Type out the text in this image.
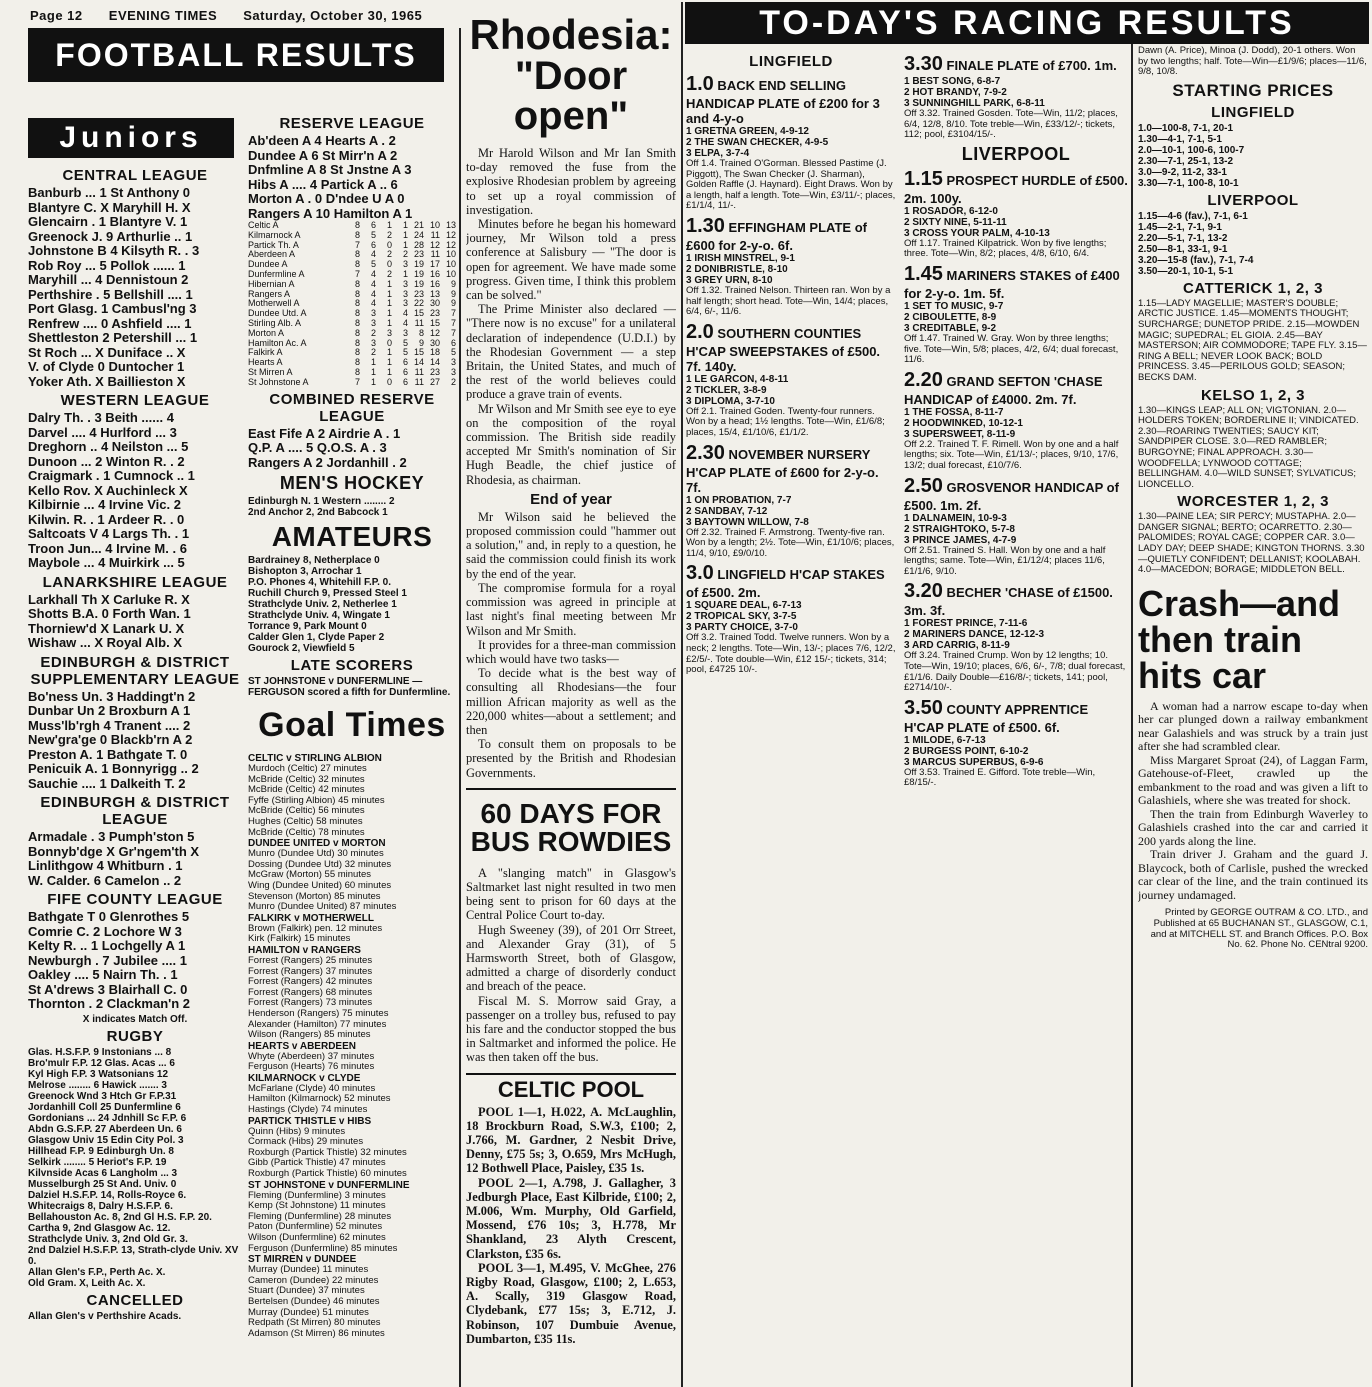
Page 12 EVENING TIMES Saturday, October 30, 1965
FOOTBALL RESULTS
Juniors
CENTRAL LEAGUE
Banburb ... 1 St Anthony 0
Blantyre C. X Maryhill H. X
Glencairn . 1 Blantyre V. 1
Greenock J. 9 Arthurlie .. 1
Johnstone B 4 Kilsyth R. . 3
Rob Roy ... 5 Pollok ...... 1
Maryhill ... 4 Dennistoun 2
Perthshire . 5 Bellshill .... 1
Port Glasg. 1 Cambusl'ng 3
Renfrew .... 0 Ashfield .... 1
Shettleston 2 Petershill ... 1
St Roch ... X Duniface .. X
V. of Clyde 0 Duntocher 1
Yoker Ath. X Baillieston X
WESTERN LEAGUE
Dalry Th. . 3 Beith ...... 4
Darvel .... 4 Hurlford ... 3
Dreghorn .. 4 Neilston ... 5
Dunoon ... 2 Winton R. . 2
Craigmark . 1 Cumnock .. 1
Kello Rov. X Auchinleck X
Kilbirnie ... 4 Irvine Vic. 2
Kilwin. R. . 1 Ardeer R. . 0
Saltcoats V 4 Largs Th. . 1
Troon Jun... 4 Irvine M. . 6
Maybole ... 4 Muirkirk ... 5
LANARKSHIRE LEAGUE
Larkhall Th X Carluke R. X
Shotts B.A. 0 Forth Wan. 1
Thorniew'd X Lanark U. X
Wishaw ... X Royal Alb. X
EDINBURGH & DISTRICT SUPPLEMENTARY LEAGUE
Bo'ness Un. 3 Haddingt'n 2
Dunbar Un 2 Broxburn A 1
Muss'lb'rgh 4 Tranent .... 2
New'gra'ge 0 Blackb'rn A 2
Preston A. 1 Bathgate T. 0
Penicuik A. 1 Bonnyrigg .. 2
Sauchie .... 1 Dalkeith T. 2
EDINBURGH & DISTRICT LEAGUE
Armadale . 3 Pumph'ston 5
Bonnyb'dge X Gr'ngem'th X
Linlithgow 4 Whitburn . 1
W. Calder. 6 Camelon .. 2
FIFE COUNTY LEAGUE
Bathgate T 0 Glenrothes 5
Comrie C. 2 Lochore W 3
Kelty R. .. 1 Lochgelly A 1
Newburgh . 7 Jubilee .... 1
Oakley .... 5 Nairn Th. . 1
St A'drews 3 Blairhall C. 0
Thornton . 2 Clackman'n 2
X indicates Match Off.
RUGBY
Glas. H.S.F.P. 9 Instonians ... 8
Bro'mulr F.P. 12 Glas. Acas ... 6
Kyl High F.P. 3 Watsonians 12
Melrose ........ 6 Hawick ....... 3
Greenock Wnd 3 Htch Gr F.P.31
Jordanhill Coll 25 Dunfermline 6
Gordonians ... 24 Jdnhill Sc F.P. 6
Abdn G.S.F.P. 27 Aberdeen Un. 6
Glasgow Univ 15 Edin City Pol. 3
Hillhead F.P. 9 Edinburgh Un. 8
Selkirk ........ 5 Heriot's F.P. 19
Kilvnside Acas 6 Langholm ... 3
Musselburgh 25 St And. Univ. 0
Dalziel H.S.F.P. 14, Rolls-Royce 6.
Whitecraigs 8, Dalry H.S.F.P. 6.
Bellahouston Ac. 8, 2nd Gl H.S. F.P. 20.
Cartha 9, 2nd Glasgow Ac. 12.
Strathclyde Univ. 3, 2nd Old Gr. 3.
2nd Dalziel H.S.F.P. 13, Strath-clyde Univ. XV 0.
Allan Glen's F.P., Perth Ac. X.
Old Gram. X, Leith Ac. X.
CANCELLED
Allan Glen's v Perthshire Acads.
RESERVE LEAGUE
Ab'deen A 4 Hearts A . 2
Dundee A 6 St Mirr'n A 2
Dnfmline A 8 St Jnstne A 3
Hibs A .... 4 Partick A .. 6
Morton A . 0 D'ndee U A 0
Rangers A 10 Hamilton A 1
Celtic A	8	6	1	1	21	10	13
Kilmarnock A	8	5	2	1	24	11	12
Partick Th. A	7	6	0	1	28	12	12
Aberdeen A	8	4	2	2	23	11	10
Dundee A	8	5	0	3	19	17	10
Dunfermline A	7	4	2	1	19	16	10
Hibernian A	8	4	1	3	19	16	9
Rangers A	8	4	1	3	23	13	9
Motherwell A	8	4	1	3	22	30	9
Dundee Utd. A	8	3	1	4	15	23	7
Stirling Alb. A	8	3	1	4	11	15	7
Morton A	8	2	3	3	8	12	7
Hamilton Ac. A	8	3	0	5	9	30	6
Falkirk A	8	2	1	5	15	18	5
Hearts A	8	1	1	6	14	14	3
St Mirren A	8	1	1	6	11	23	3
St Johnstone A	7	1	0	6	11	27	2
COMBINED RESERVE LEAGUE
East Fife A 2 Airdrie A . 1
Q.P. A .... 5 Q.O.S. A . 3
Rangers A 2 Jordanhill . 2
MEN'S HOCKEY
Edinburgh N. 1 Western ........ 2
2nd Anchor 2, 2nd Babcock 1
AMATEURS
Bardrainey 8, Netherplace 0
Bishopton 3, Arrochar 1
P.O. Phones 4, Whitehill F.P. 0.
Ruchill Church 9, Pressed Steel 1
Strathclyde Univ. 2, Netherlee 1
Strathclyde Univ. 4, Wingate 1
Torrance 9, Park Mount 0
Calder Glen 1, Clyde Paper 2
Gourock 2, Viewfield 5
LATE SCORERS
ST JOHNSTONE v DUNFERMLINE — FERGUSON scored a fifth for Dunfermline.
Goal Times
CELTIC v STIRLING ALBION
Murdoch (Celtic) 27 minutes
McBride (Celtic) 32 minutes
McBride (Celtic) 42 minutes
Fyffe (Stirling Albion) 45 minutes
McBride (Celtic) 56 minutes
Hughes (Celtic) 58 minutes
McBride (Celtic) 78 minutes
DUNDEE UNITED v MORTON
Munro (Dundee Utd) 30 minutes
Dossing (Dundee Utd) 32 minutes
McGraw (Morton) 55 minutes
Wing (Dundee United) 60 minutes
Stevenson (Morton) 85 minutes
Munro (Dundee United) 87 minutes
FALKIRK v MOTHERWELL
Brown (Falkirk) pen. 12 minutes
Kirk (Falkirk) 15 minutes
HAMILTON v RANGERS
Forrest (Rangers) 25 minutes
Forrest (Rangers) 37 minutes
Forrest (Rangers) 42 minutes
Forrest (Rangers) 68 minutes
Forrest (Rangers) 73 minutes
Henderson (Rangers) 75 minutes
Alexander (Hamilton) 77 minutes
Wilson (Rangers) 85 minutes
HEARTS v ABERDEEN
Whyte (Aberdeen) 37 minutes
Ferguson (Hearts) 76 minutes
KILMARNOCK v CLYDE
McFarlane (Clyde) 40 minutes
Hamilton (Kilmarnock) 52 minutes
Hastings (Clyde) 74 minutes
PARTICK THISTLE v HIBS
Quinn (Hibs) 9 minutes
Cormack (Hibs) 29 minutes
Roxburgh (Partick Thistle) 32 minutes
Gibb (Partick Thistle) 47 minutes
Roxburgh (Partick Thistle) 60 minutes
ST JOHNSTONE v DUNFERMLINE
Fleming (Dunfermline) 3 minutes
Kemp (St Johnstone) 11 minutes
Fleming (Dunfermline) 28 minutes
Paton (Dunfermline) 52 minutes
Wilson (Dunfermline) 62 minutes
Ferguson (Dunfermline) 85 minutes
ST MIRREN v DUNDEE
Murray (Dundee) 11 minutes
Cameron (Dundee) 22 minutes
Stuart (Dundee) 37 minutes
Bertelsen (Dundee) 46 minutes
Murray (Dundee) 51 minutes
Redpath (St Mirren) 80 minutes
Adamson (St Mirren) 86 minutes
Rhodesia:
"Door open"

Mr Harold Wilson and Mr Ian Smith to-day removed the fuse from the explosive Rhodesian problem by agreeing to set up a royal commission of investigation.

Minutes before he began his homeward journey, Mr Wilson told a press conference at Salisbury — "The door is open for agreement. We have made some progress. Given time, I think this problem can be solved."

The Prime Minister also declared — "There now is no excuse" for a unilateral declaration of independence (U.D.I.) by the Rhodesian Government — a step Britain, the United States, and much of the rest of the world believes could produce a grave train of events.

Mr Wilson and Mr Smith see eye to eye on the composition of the royal commission. The British side readily accepted Mr Smith's nomination of Sir Hugh Beadle, the chief justice of Rhodesia, as chairman.

End of year

Mr Wilson said he believed the proposed commission could "hammer out a solution," and, in reply to a question, he said the commission could finish its work by the end of the year.

The compromise formula for a royal commission was agreed in principle at last night's final meeting between Mr Wilson and Mr Smith.

It provides for a three-man commission which would have two tasks—

To decide what is the best way of consulting all Rhodesians—the four million African majority as well as the 220,000 whites—about a settlement; and then

To consult them on proposals to be presented by the British and Rhodesian Governments.

60 DAYS FOR BUS ROWDIES

A "slanging match" in Glasgow's Saltmarket last night resulted in two men being sent to prison for 60 days at the Central Police Court to-day.

Hugh Sweeney (39), of 201 Orr Street, and Alexander Gray (31), of 5 Harmsworth Street, both of Glasgow, admitted a charge of disorderly conduct and breach of the peace.

Fiscal M. S. Morrow said Gray, a passenger on a trolley bus, refused to pay his fare and the conductor stopped the bus in Saltmarket and informed the police. He was then taken off the bus.

CELTIC POOL

POOL 1—1, H.022, A. McLaughlin, 18 Brockburn Road, S.W.3, £100; 2, J.766, M. Gardner, 2 Nesbit Drive, Denny, £75 5s; 3, O.659, Mrs McHugh, 12 Bothwell Place, Paisley, £35 1s.

POOL 2—1, A.798, J. Gallagher, 3 Jedburgh Place, East Kilbride, £100; 2, M.006, Wm. Murphy, Old Garfield, Mossend, £76 10s; 3, H.778, Mr Shankland, 23 Alyth Crescent, Clarkston, £35 6s.

POOL 3—1, M.495, V. McGhee, 276 Rigby Road, Glasgow, £100; 2, L.653, A. Scally, 319 Glasgow Road, Clydebank, £77 15s; 3, E.712, J. Robinson, 107 Dumbuie Avenue, Dumbarton, £35 11s.

TO-DAY'S RACING RESULTS
LINGFIELD
1.0 BACK END SELLING HANDICAP PLATE of £200 for 3 and 4-y-o
1 GRETNA GREEN, 4-9-12
2 THE SWAN CHECKER, 4-9-5
3 ELPA, 3-7-4
Off 1.4. Trained O'Gorman. Blessed Pastime (J. Piggott), The Swan Checker (J. Sharman), Golden Raffle (J. Haynard). Eight Draws. Won by a length, half a length. Tote—Win, £3/11/-; places, £1/1/4, 11/-.
1.30 EFFINGHAM PLATE of £600 for 2-y-o. 6f.
1 IRISH MINSTREL, 9-1
2 DONIBRISTLE, 8-10
3 GREY URN, 8-10
Off 1.32. Trained Nelson. Thirteen ran. Won by a half length; short head. Tote—Win, 14/4; places, 6/4, 6/-, 11/6.
2.0 SOUTHERN COUNTIES H'CAP SWEEPSTAKES of £500. 7f. 140y.
1 LE GARCON, 4-8-11
2 TICKLER, 3-8-9
3 DIPLOMA, 3-7-10
Off 2.1. Trained Goden. Twenty-four runners. Won by a head; 1½ lengths. Tote—Win, £1/6/8; places, 15/4, £1/10/6, £1/1/2.
2.30 NOVEMBER NURSERY H'CAP PLATE of £600 for 2-y-o. 7f.
1 ON PROBATION, 7-7
2 SANDBAY, 7-12
3 BAYTOWN WILLOW, 7-8
Off 2.32. Trained F. Armstrong. Twenty-five ran. Won by a length; 2½. Tote—Win, £1/10/6; places, 11/4, 9/10, £9/0/10.
3.0 LINGFIELD H'CAP STAKES of £500. 2m.
1 SQUARE DEAL, 6-7-13
2 TROPICAL SKY, 3-7-5
3 PARTY CHOICE, 3-7-0
Off 3.2. Trained Todd. Twelve runners. Won by a neck; 2 lengths. Tote—Win, 13/-; places 7/6, 12/2, £2/5/-. Tote double—Win, £12 15/-; tickets, 314; pool, £4725 10/-.
3.30 FINALE PLATE of £700. 1m.
1 BEST SONG, 6-8-7
2 HOT BRANDY, 7-9-2
3 SUNNINGHILL PARK, 6-8-11
Off 3.32. Trained Gosden. Tote—Win, 11/2; places, 6/4, 12/8, 8/10. Tote treble—Win, £33/12/-; tickets, 112; pool, £3104/15/-.
LIVERPOOL
1.15 PROSPECT HURDLE of £500. 2m. 100y.
1 ROSADOR, 6-12-0
2 SIXTY NINE, 5-11-11
3 CROSS YOUR PALM, 4-10-13
Off 1.17. Trained Kilpatrick. Won by five lengths; three. Tote—Win, 8/2; places, 4/8, 6/10, 6/4.
1.45 MARINERS STAKES of £400 for 2-y-o. 1m. 5f.
1 SET TO MUSIC, 9-7
2 CIBOULETTE, 8-9
3 CREDITABLE, 9-2
Off 1.47. Trained W. Gray. Won by three lengths; five. Tote—Win, 5/8; places, 4/2, 6/4; dual forecast, 11/6.
2.20 GRAND SEFTON 'CHASE HANDICAP of £4000. 2m. 7f.
1 THE FOSSA, 8-11-7
2 HOODWINKED, 10-12-1
3 SUPERSWEET, 8-11-9
Off 2.2. Trained T. F. Rimell. Won by one and a half lengths; six. Tote—Win, £1/13/-; places, 9/10, 17/6, 13/2; dual forecast, £10/7/6.
2.50 GROSVENOR HANDICAP of £500. 1m. 2f.
1 DALNAMEIN, 10-9-3
2 STRAIGHTOKO, 5-7-8
3 PRINCE JAMES, 4-7-9
Off 2.51. Trained S. Hall. Won by one and a half lengths; same. Tote—Win, £1/12/4; places 11/6, £1/1/6, 9/10.
3.20 BECHER 'CHASE of £1500. 3m. 3f.
1 FOREST PRINCE, 7-11-6
2 MARINERS DANCE, 12-12-3
3 ARD CARRIG, 8-11-9
Off 3.24. Trained Crump. Won by 12 lengths; 10. Tote—Win, 19/10; places, 6/6, 6/-, 7/8; dual forecast, £1/1/6. Daily Double—£16/8/-; tickets, 141; pool, £2714/10/-.
3.50 COUNTY APPRENTICE H'CAP PLATE of £500. 6f.
1 MILODE, 6-7-13
2 BURGESS POINT, 6-10-2
3 MARCUS SUPERBUS, 6-9-6
Off 3.53. Trained E. Gifford. Tote treble—Win, £8/15/-.
Dawn (A. Price), Minoa (J. Dodd), 20-1 others. Won by two lengths; half. Tote—Win—£1/9/6; places—11/6, 9/8, 10/8.
STARTING PRICES
LINGFIELD
1.0—100-8, 7-1, 20-1
1.30—4-1, 7-1, 5-1
2.0—10-1, 100-6, 100-7
2.30—7-1, 25-1, 13-2
3.0—9-2, 11-2, 33-1
3.30—7-1, 100-8, 10-1
LIVERPOOL
1.15—4-6 (fav.), 7-1, 6-1
1.45—2-1, 7-1, 9-1
2.20—5-1, 7-1, 13-2
2.50—8-1, 33-1, 9-1
3.20—15-8 (fav.), 7-1, 7-4
3.50—20-1, 10-1, 5-1
CATTERICK 1, 2, 3
1.15—LADY MAGELLIE; MASTER'S DOUBLE; ARCTIC JUSTICE. 1.45—MOMENTS THOUGHT; SURCHARGE; DUNETOP PRIDE. 2.15—MOWDEN MAGIC; SUPEDRAL; EL GIOIA. 2.45—BAY MASTERSON; AIR COMMODORE; TAPE FLY. 3.15—RING A BELL; NEVER LOOK BACK; BOLD PRINCESS. 3.45—PERILOUS GOLD; SEASON; BECKS DAM.
KELSO 1, 2, 3
1.30—KINGS LEAP; ALL ON; VIGTONIAN. 2.0—HOLDERS TOKEN; BORDERLINE II; VINDICATED. 2.30—ROARING TWENTIES; SAUCY KIT; SANDPIPER CLOSE. 3.0—RED RAMBLER; BURGOYNE; FINAL APPROACH. 3.30—WOODFELLA; LYNWOOD COTTAGE; BELLINGHAM. 4.0—WILD SUNSET; SYLVATICUS; LIONCELLO.
WORCESTER 1, 2, 3
1.30—PAINE LEA; SIR PERCY; MUSTAPHA. 2.0—DANGER SIGNAL; BERTO; OCARRETTO. 2.30—PALOMIDES; ROYAL CAGE; COPPER CAR. 3.0—LADY DAY; DEEP SHADE; KINGTON THORNS. 3.30—QUIETLY CONFIDENT; DELLANIST; KOOLABAH. 4.0—MACEDON; BORAGE; MIDDLETON BELL.
Crash—and then train hits car

A woman had a narrow escape to-day when her car plunged down a railway embankment near Galashiels and was struck by a train just after she had scrambled clear.

Miss Margaret Sproat (24), of Laggan Farm, Gatehouse-of-Fleet, crawled up the embankment to the road and was given a lift to Galashiels, where she was treated for shock.

Then the train from Edinburgh Waverley to Galashiels crashed into the car and carried it 200 yards along the line.

Train driver J. Graham and the guard J. Blaycock, both of Carlisle, pushed the wrecked car clear of the line, and the train continued its journey undamaged.

Printed by GEORGE OUTRAM & CO. LTD., and Published at 65 BUCHANAN ST., GLASGOW, C.1, and at MITCHELL ST. and Branch Offices. P.O. Box No. 62. Phone No. CENtral 9200.
